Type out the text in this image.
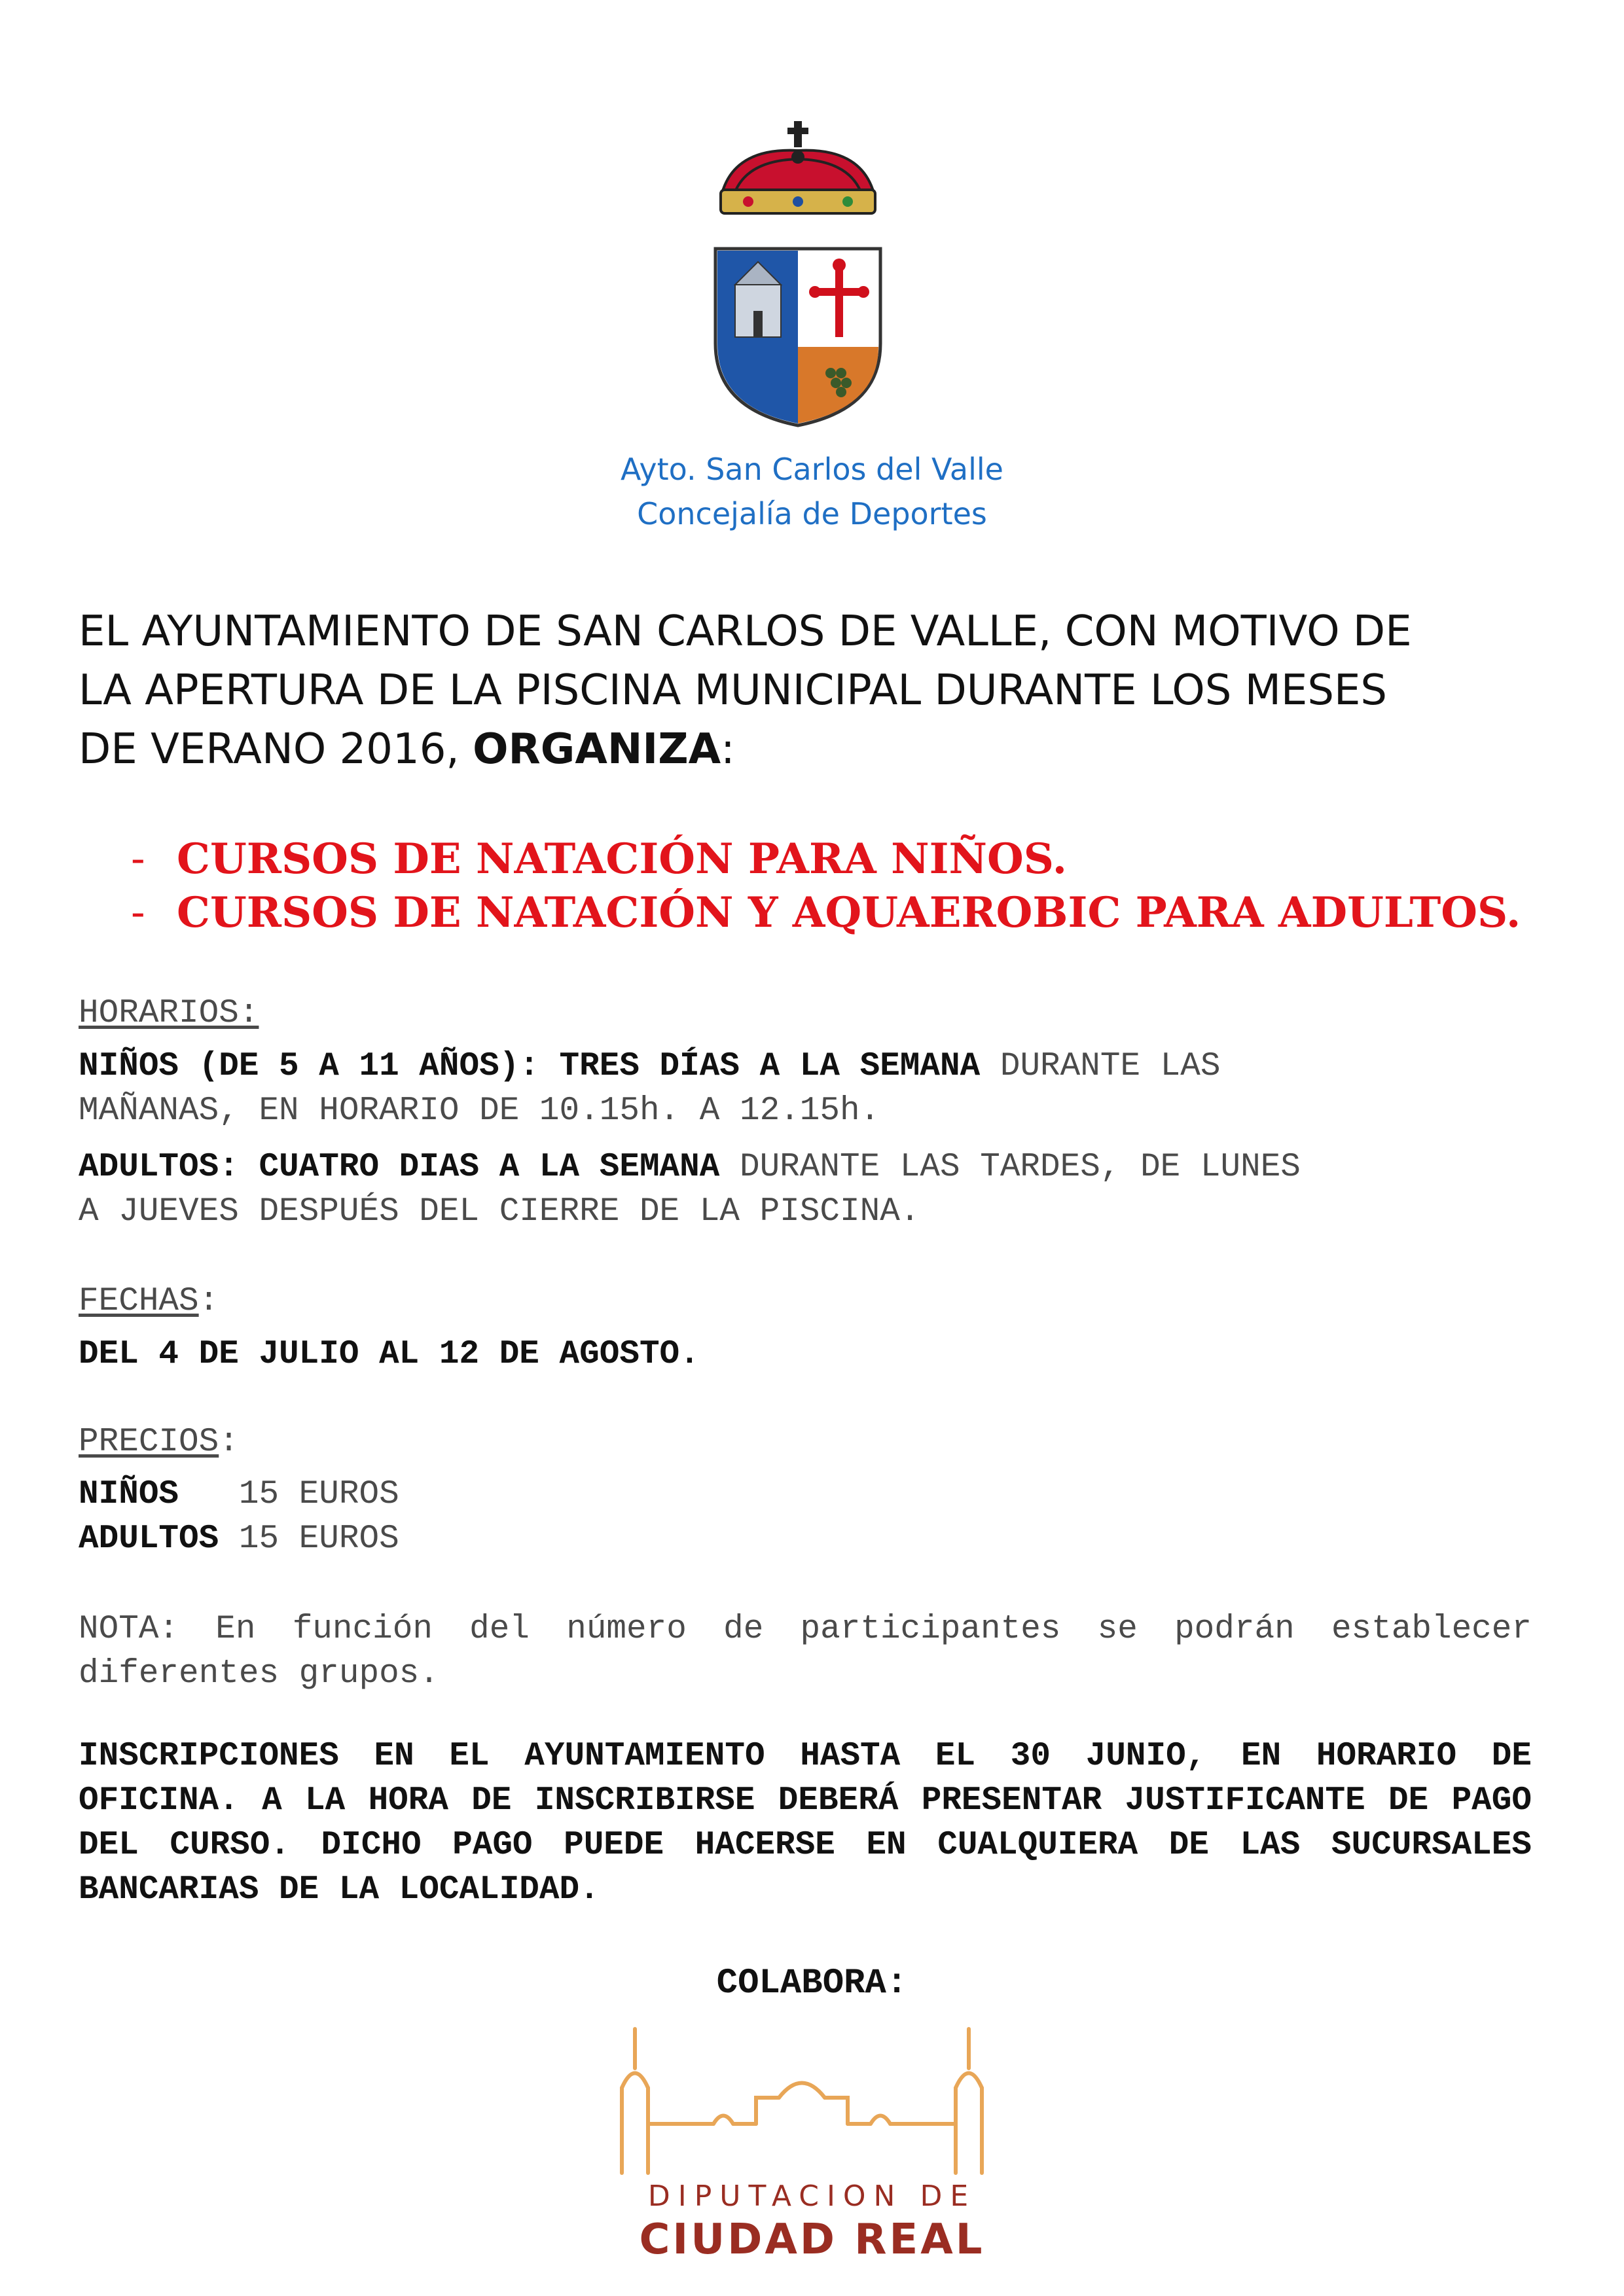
Ayto. San Carlos del Valle
Concejalía de Deportes
EL AYUNTAMIENTO DE SAN CARLOS DE VALLE, CON MOTIVO DE
LA APERTURA DE LA PISCINA MUNICIPAL DURANTE LOS MESES
DE VERANO 2016, ORGANIZA:
- CURSOS DE NATACIÓN PARA NIÑOS.
- CURSOS DE NATACIÓN Y AQUAEROBIC PARA ADULTOS.
HORARIOS:
NIÑOS (DE 5 A 11 AÑOS): TRES DÍAS A LA SEMANA DURANTE LAS
MAÑANAS, EN HORARIO DE 10.15h. A 12.15h.
ADULTOS: CUATRO DIAS A LA SEMANA DURANTE LAS TARDES, DE LUNES
A JUEVES DESPUÉS DEL CIERRE DE LA PISCINA.
FECHAS:
DEL 4 DE JULIO AL 12 DE AGOSTO.
PRECIOS:
NIÑOS 15 EUROS
ADULTOS 15 EUROS
NOTA: En función del número de participantes se podrán establecer diferentes grupos.
INSCRIPCIONES EN EL AYUNTAMIENTO HASTA EL 30 JUNIO, EN HORARIO DE OFICINA. A LA HORA DE INSCRIBIRSE DEBERÁ PRESENTAR JUSTIFICANTE DE PAGO DEL CURSO. DICHO PAGO PUEDE HACERSE EN CUALQUIERA DE LAS SUCURSALES BANCARIAS DE LA LOCALIDAD.
COLABORA:
DIPUTACION DE
CIUDAD REAL
